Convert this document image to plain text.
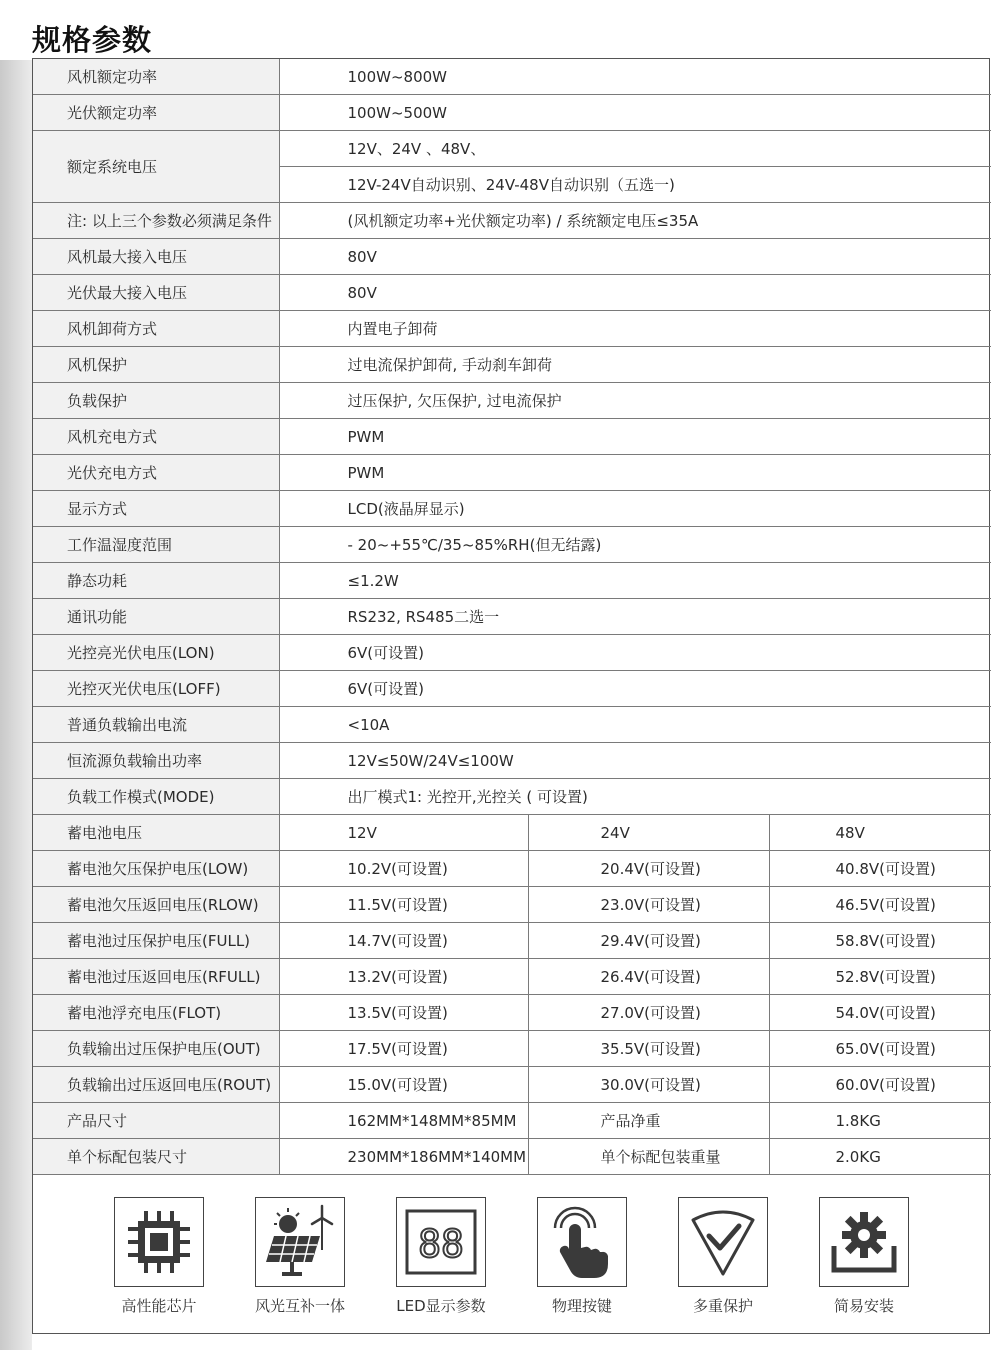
规格参数
风机额定功率	100W~800W		
光伏额定功率	100W~500W		
额定系统电压	12V、24V 、48V、		
	12V-24V自动识别、24V-48V自动识别（五选一)		
注: 以上三个参数必须满足条件	(风机额定功率+光伏额定功率) / 系统额定电压≤35A		
风机最大接入电压	80V		
光伏最大接入电压	80V		
风机卸荷方式	内置电子卸荷		
风机保护	过电流保护卸荷, 手动刹车卸荷		
负载保护	过压保护, 欠压保护, 过电流保护		
风机充电方式	PWM		
光伏充电方式	PWM		
显示方式	LCD(液晶屏显示)		
工作温湿度范围	- 20~+55℃/35~85%RH(但无结露)		
静态功耗	≤1.2W		
通讯功能	RS232, RS485二选一		
光控亮光伏电压(LON)	6V(可设置)		
光控灭光伏电压(LOFF)	6V(可设置)		
普通负载输出电流	<10A		
恒流源负载输出功率	12V≤50W/24V≤100W		
负载工作模式(MODE)	出厂模式1: 光控开,光控关 ( 可设置)		
蓄电池电压	12V	24V	48V
蓄电池欠压保护电压(LOW)	10.2V(可设置)	20.4V(可设置)	40.8V(可设置)
蓄电池欠压返回电压(RLOW)	11.5V(可设置)	23.0V(可设置)	46.5V(可设置)
蓄电池过压保护电压(FULL)	14.7V(可设置)	29.4V(可设置)	58.8V(可设置)
蓄电池过压返回电压(RFULL)	13.2V(可设置)	26.4V(可设置)	52.8V(可设置)
蓄电池浮充电压(FLOT)	13.5V(可设置)	27.0V(可设置)	54.0V(可设置)
负载输出过压保护电压(OUT)	17.5V(可设置)	35.5V(可设置)	65.0V(可设置)
负载输出过压返回电压(ROUT)	15.0V(可设置)	30.0V(可设置)	60.0V(可设置)
产品尺寸	162MM*148MM*85MM	产品净重	1.8KG
单个标配包装尺寸	230MM*186MM*140MM	单个标配包装重量	2.0KG
高性能芯片	风光互补一体
88
LED显示参数	物理按键	多重保护	简易安装
